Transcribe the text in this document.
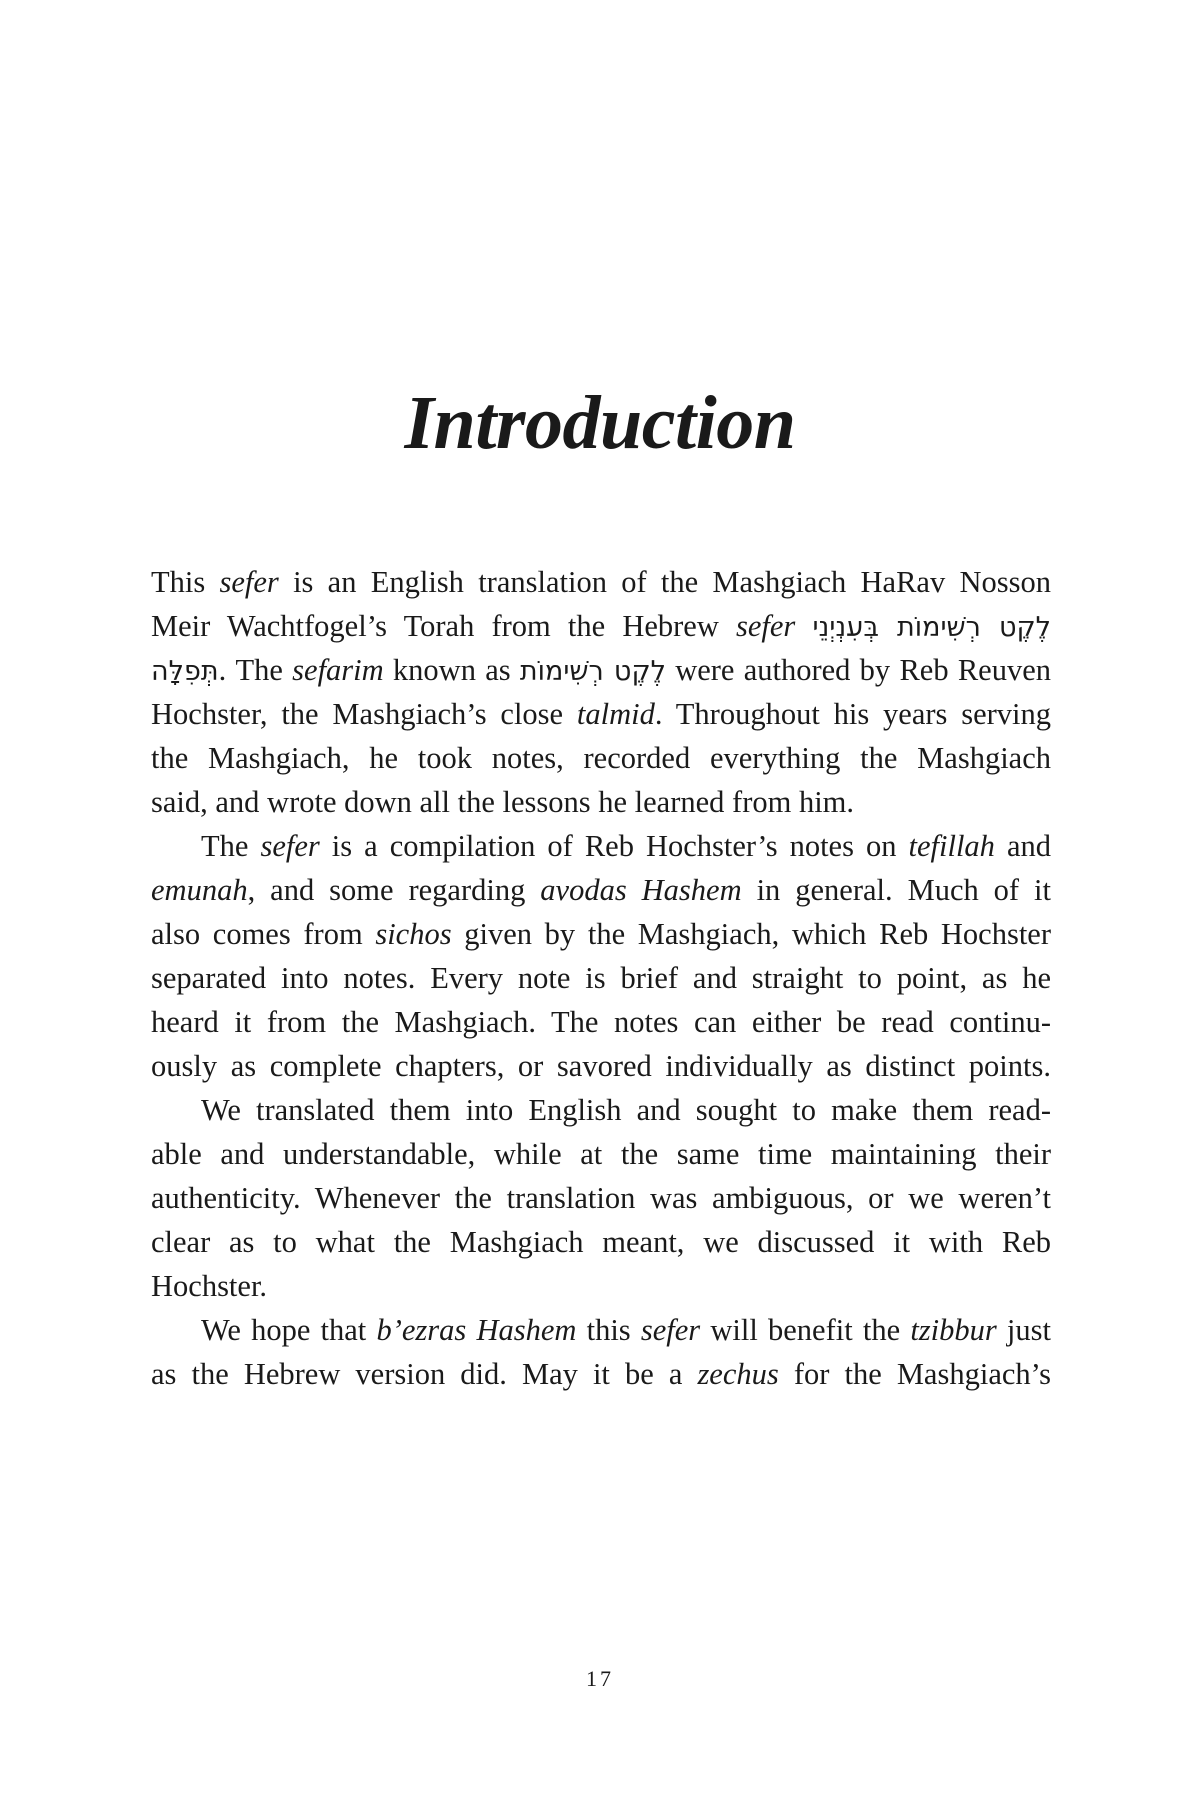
Introduction
This sefer is an English translation of the Mashgiach HaRav Nosson
Meir Wachtfogel’s Torah from the Hebrew sefer לֶקֶט רְשִׁימוֹת בְּעִנְיְנֵי
תְּפִלָּה. The sefarim known as לֶקֶט רְשִׁימוֹת were authored by Reb Reuven
Hochster, the Mashgiach’s close talmid. Throughout his years serving
the Mashgiach, he took notes, recorded everything the Mashgiach
said, and wrote down all the lessons he learned from him.
The sefer is a compilation of Reb Hochster’s notes on tefillah and
emunah, and some regarding avodas Hashem in general. Much of it
also comes from sichos given by the Mashgiach, which Reb Hochster
separated into notes. Every note is brief and straight to point, as he
heard it from the Mashgiach. The notes can either be read continu-
ously as complete chapters, or savored individually as distinct points.
We translated them into English and sought to make them read-
able and understandable, while at the same time maintaining their
authenticity. Whenever the translation was ambiguous, or we weren’t
clear as to what the Mashgiach meant, we discussed it with Reb
Hochster.
We hope that b’ezras Hashem this sefer will benefit the tzibbur just
as the Hebrew version did. May it be a zechus for the Mashgiach’s
17
